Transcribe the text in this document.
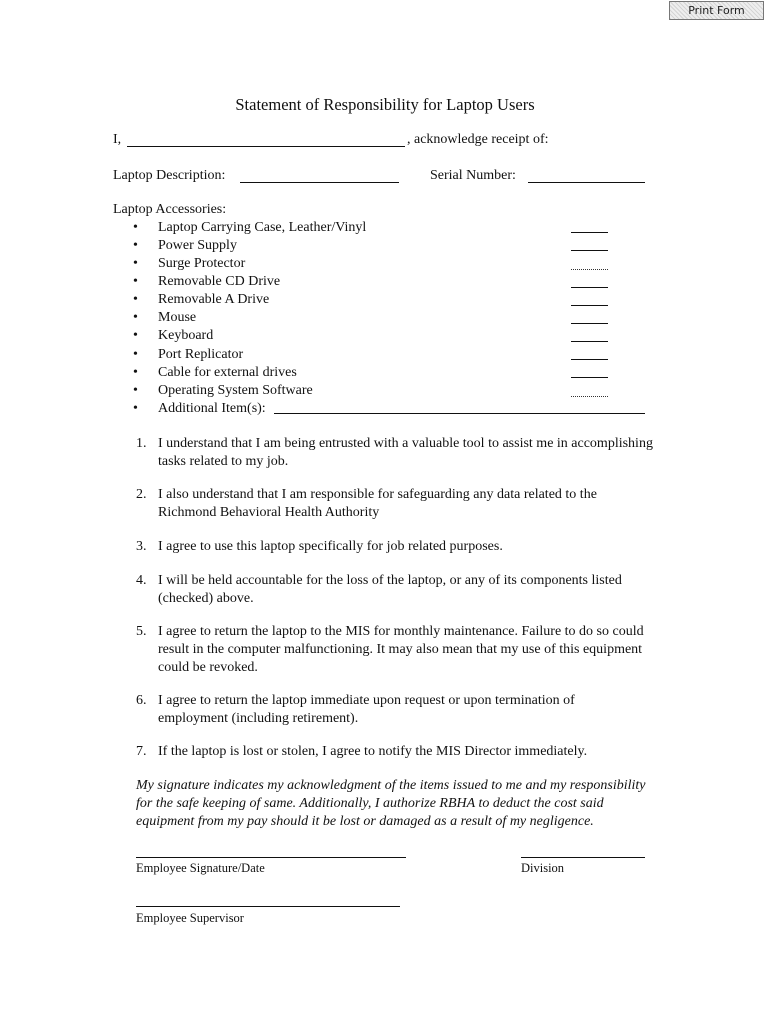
Print Form
Statement of Responsibility for Laptop Users
I,	, acknowledge receipt of:
Laptop Description:	Serial Number:
Laptop Accessories:
• Laptop Carrying Case, Leather/Vinyl
• Power Supply
• Surge Protector
• Removable CD Drive
• Removable A Drive
• Mouse
• Keyboard
• Port Replicator
• Cable for external drives
• Operating System Software
• Additional Item(s):
1. I understand that I am being entrusted with a valuable tool to assist me in accomplishing tasks related to my job.
2. I also understand that I am responsible for safeguarding any data related to the Richmond Behavioral Health Authority
3. I agree to use this laptop specifically for job related purposes.
4. I will be held accountable for the loss of the laptop, or any of its components listed (checked) above.
5. I agree to return the laptop to the MIS for monthly maintenance. Failure to do so could result in the computer malfunctioning. It may also mean that my use of this equipment could be revoked.
6. I agree to return the laptop immediate upon request or upon termination of employment (including retirement).
7. If the laptop is lost or stolen, I agree to notify the MIS Director immediately.
My signature indicates my acknowledgment of the items issued to me and my responsibility for the safe keeping of same. Additionally, I authorize RBHA to deduct the cost said equipment from my pay should it be lost or damaged as a result of my negligence.
Employee Signature/Date	Division
Employee Supervisor
